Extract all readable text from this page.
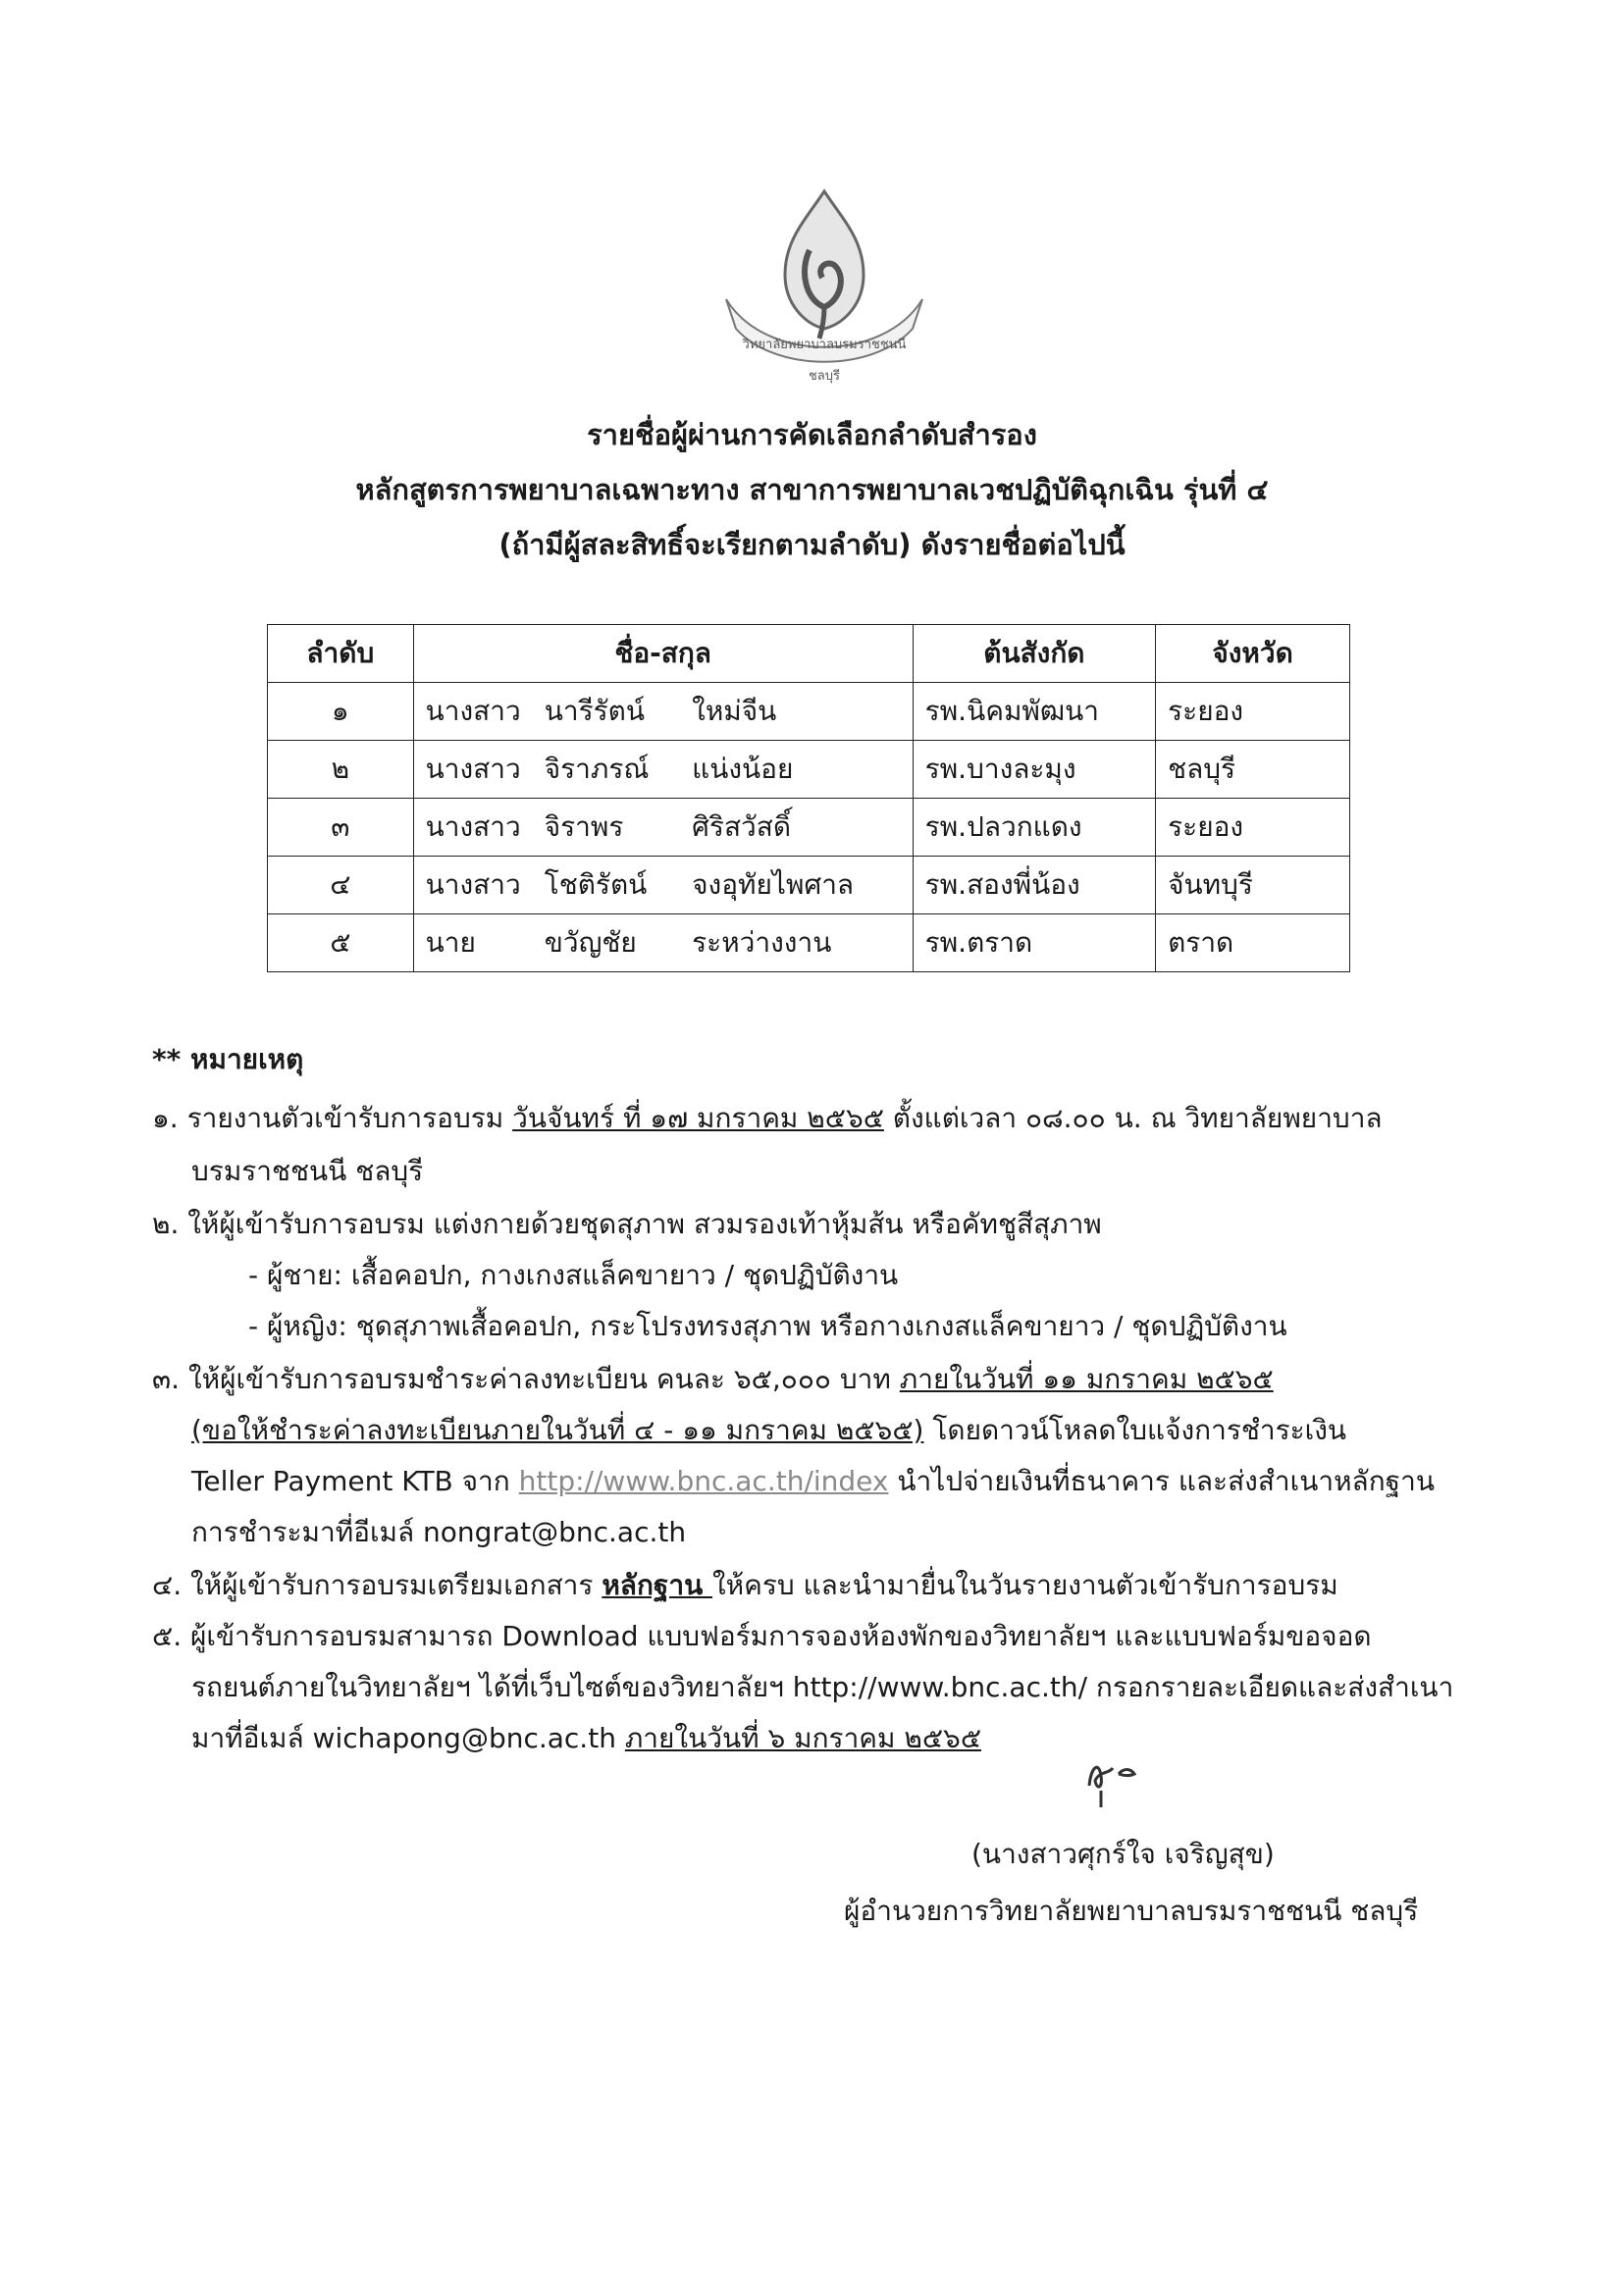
วิทยาลัยพยาบาลบรมราชชนนี
ชลบุรี
รายชื่อผู้ผ่านการคัดเลือกลำดับสำรอง
หลักสูตรการพยาบาลเฉพาะทาง สาขาการพยาบาลเวชปฏิบัติฉุกเฉิน รุ่นที่ ๔
(ถ้ามีผู้สละสิทธิ์จะเรียกตามลำดับ) ดังรายชื่อต่อไปนี้
ลำดับ	ชื่อ-สกุล			ต้นสังกัด	จังหวัด
๑	นางสาว	นารีรัตน์	ใหม่จีน	รพ.นิคมพัฒนา	ระยอง
๒	นางสาว	จิราภรณ์	แน่งน้อย	รพ.บางละมุง	ชลบุรี
๓	นางสาว	จิราพร	ศิริสวัสดิ์	รพ.ปลวกแดง	ระยอง
๔	นางสาว	โชติรัตน์	จงอุทัยไพศาล	รพ.สองพี่น้อง	จันทบุรี
๕	นาย	ขวัญชัย	ระหว่างงาน	รพ.ตราด	ตราด
** หมายเหตุ
๑. รายงานตัวเข้ารับการอบรม วันจันทร์ ที่ ๑๗ มกราคม ๒๕๖๕ ตั้งแต่เวลา ๐๘.๐๐ น. ณ วิทยาลัยพยาบาล
บรมราชชนนี ชลบุรี
๒. ให้ผู้เข้ารับการอบรม แต่งกายด้วยชุดสุภาพ สวมรองเท้าหุ้มส้น หรือคัทชูสีสุภาพ
- ผู้ชาย: เสื้อคอปก, กางเกงสแล็คขายาว / ชุดปฏิบัติงาน
- ผู้หญิง: ชุดสุภาพเสื้อคอปก, กระโปรงทรงสุภาพ หรือกางเกงสแล็คขายาว / ชุดปฏิบัติงาน
๓. ให้ผู้เข้ารับการอบรมชำระค่าลงทะเบียน คนละ ๖๕,๐๐๐ บาท ภายในวันที่ ๑๑ มกราคม ๒๕๖๕
(ขอให้ชำระค่าลงทะเบียนภายในวันที่ ๔ - ๑๑ มกราคม ๒๕๖๕) โดยดาวน์โหลดใบแจ้งการชำระเงิน
Teller Payment KTB จาก http://www.bnc.ac.th/index นำไปจ่ายเงินที่ธนาคาร และส่งสำเนาหลักฐาน
การชำระมาที่อีเมล์ nongrat@bnc.ac.th
๔. ให้ผู้เข้ารับการอบรมเตรียมเอกสาร หลักฐาน ให้ครบ และนำมายื่นในวันรายงานตัวเข้ารับการอบรม
๕. ผู้เข้ารับการอบรมสามารถ Download แบบฟอร์มการจองห้องพักของวิทยาลัยฯ และแบบฟอร์มขอจอด
รถยนต์ภายในวิทยาลัยฯ ได้ที่เว็บไซต์ของวิทยาลัยฯ http://www.bnc.ac.th/ กรอกรายละเอียดและส่งสำเนา
มาที่อีเมล์ wichapong@bnc.ac.th ภายในวันที่ ๖ มกราคม ๒๕๖๕
(นางสาวศุกร์ใจ เจริญสุข)
ผู้อำนวยการวิทยาลัยพยาบาลบรมราชชนนี ชลบุรี
